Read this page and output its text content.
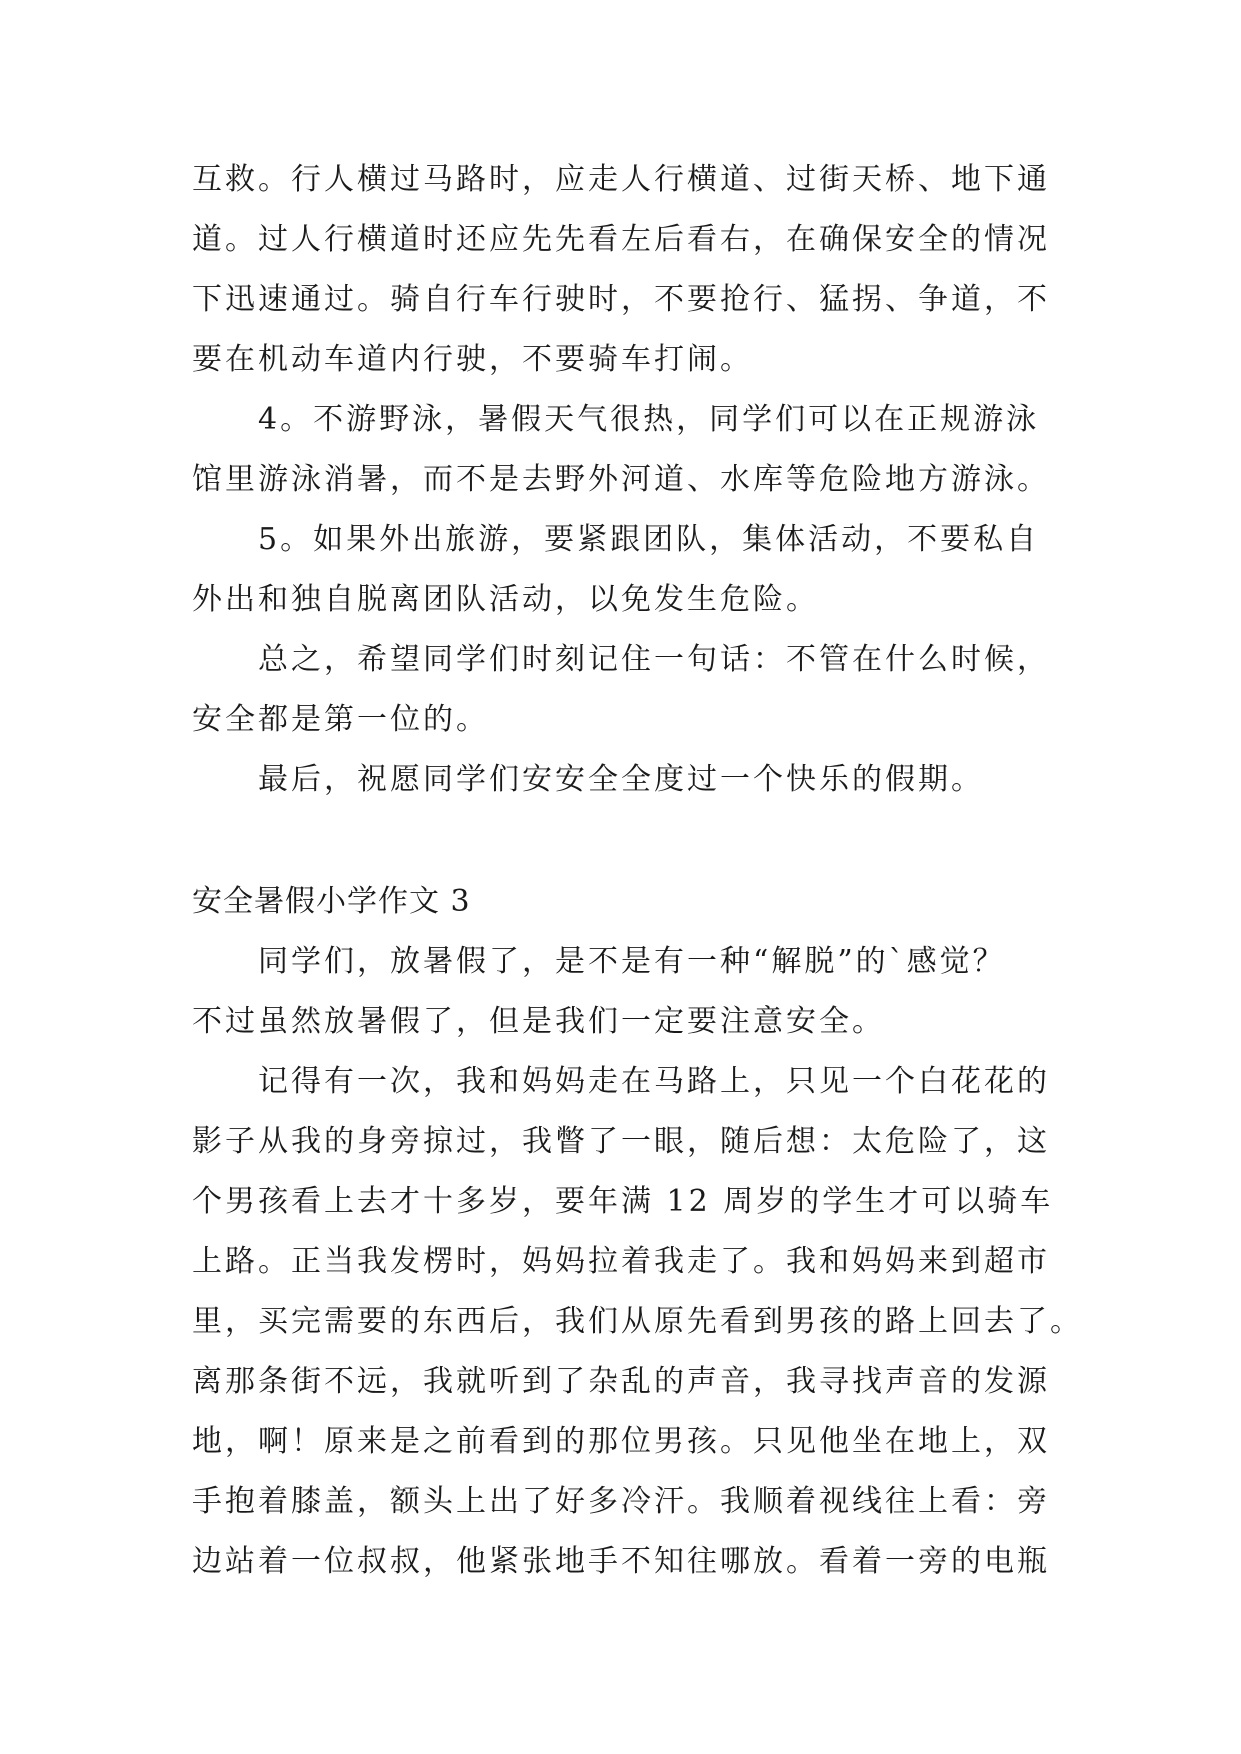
互救。行人横过马路时，应走人行横道、过街天桥、地下通
道。过人行横道时还应先先看左后看右，在确保安全的情况
下迅速通过。骑自行车行驶时，不要抢行、猛拐、争道，不
要在机动车道内行驶，不要骑车打闹。
4。不游野泳，暑假天气很热，同学们可以在正规游泳
馆里游泳消暑，而不是去野外河道、水库等危险地方游泳。
5。如果外出旅游，要紧跟团队，集体活动，不要私自
外出和独自脱离团队活动，以免发生危险。
总之，希望同学们时刻记住一句话：不管在什么时候，
安全都是第一位的。
最后，祝愿同学们安安全全度过一个快乐的假期。
安全暑假小学作文 3
同学们，放暑假了，是不是有一种“解脱”的`感觉？
不过虽然放暑假了，但是我们一定要注意安全。
记得有一次，我和妈妈走在马路上，只见一个白花花的
影子从我的身旁掠过，我瞥了一眼，随后想：太危险了，这
个男孩看上去才十多岁，要年满 12 周岁的学生才可以骑车
上路。正当我发楞时，妈妈拉着我走了。我和妈妈来到超市
里，买完需要的东西后，我们从原先看到男孩的路上回去了。
离那条街不远，我就听到了杂乱的声音，我寻找声音的发源
地，啊！原来是之前看到的那位男孩。只见他坐在地上，双
手抱着膝盖，额头上出了好多冷汗。我顺着视线往上看：旁
边站着一位叔叔，他紧张地手不知往哪放。看着一旁的电瓶
